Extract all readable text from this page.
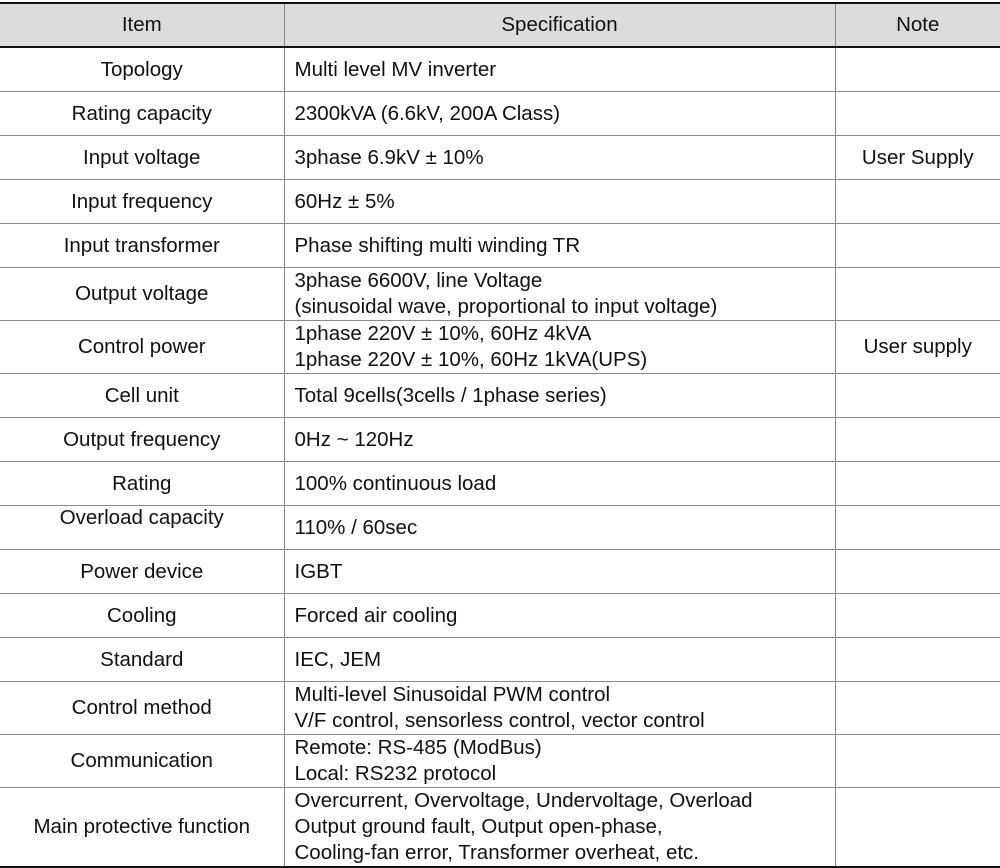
Item	Specification	Note
Topology	Multi level MV inverter	

Rating capacity	2300kVA (6.6kV, 200A Class)	

Input voltage	3phase 6.9kV ± 10%	User Supply
Input frequency	60Hz ± 5%	

Input transformer	Phase shifting multi winding TR	

Output voltage	3phase 6600V, line Voltage
(sinusoidal wave, proportional to input voltage)	

Control power	1phase 220V ± 10%, 60Hz 4kVA
1phase 220V ± 10%, 60Hz 1kVA(UPS)	User supply
Cell unit	Total 9cells(3cells / 1phase series)	

Output frequency	0Hz ~ 120Hz	

Rating	100% continuous load	

Overload capacity	110% / 60sec	

Power device	IGBT	

Cooling	Forced air cooling	

Standard	IEC, JEM	

Control method	Multi-level Sinusoidal PWM control
V/F control, sensorless control, vector control	

Communication	Remote: RS-485 (ModBus)
Local: RS232 protocol	

Main protective function	Overcurrent, Overvoltage, Undervoltage, Overload
Output ground fault, Output open-phase,
Cooling-fan error, Transformer overheat, etc.	
